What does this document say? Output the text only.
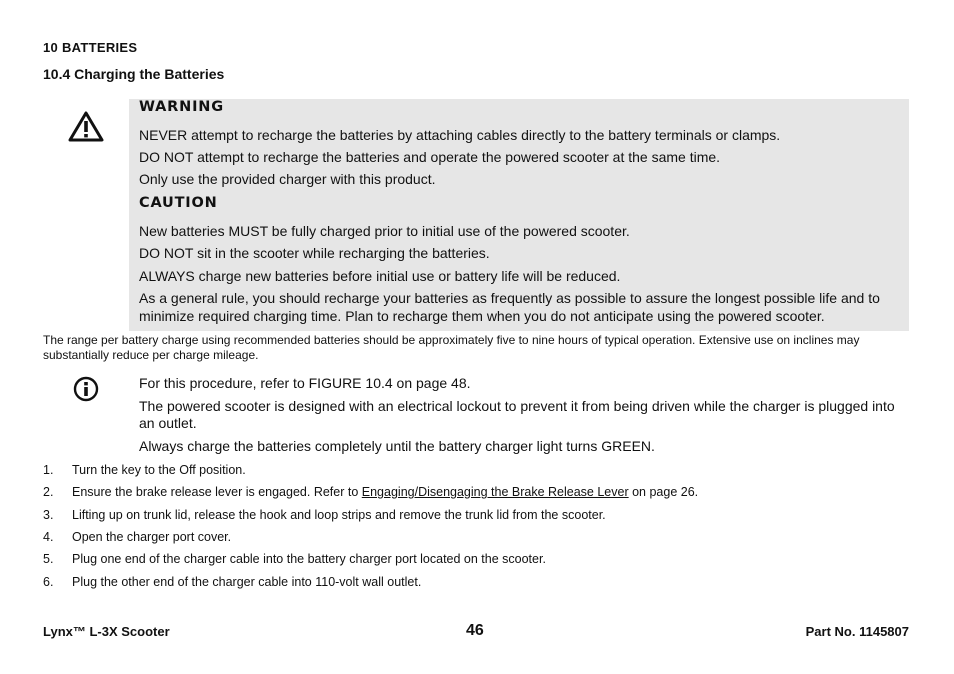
10 BATTERIES
10.4 Charging the Batteries
WARNING
NEVER attempt to recharge the batteries by attaching cables directly to the battery terminals or clamps.
DO NOT attempt to recharge the batteries and operate the powered scooter at the same time.
Only use the provided charger with this product.
CAUTION
New batteries MUST be fully charged prior to initial use of the powered scooter.
DO NOT sit in the scooter while recharging the batteries.
ALWAYS charge new batteries before initial use or battery life will be reduced.
As a general rule, you should recharge your batteries as frequently as possible to assure the longest possible life and to minimize required charging time. Plan to recharge them when you do not anticipate using the powered scooter.
The range per battery charge using recommended batteries should be approximately five to nine hours of typical operation. Extensive use on inclines may substantially reduce per charge mileage.
For this procedure, refer to FIGURE 10.4 on page 48.
The powered scooter is designed with an electrical lockout to prevent it from being driven while the charger is plugged into an outlet.
Always charge the batteries completely until the battery charger light turns GREEN.
1. Turn the key to the Off position.
2. Ensure the brake release lever is engaged. Refer to Engaging/Disengaging the Brake Release Lever on page 26.
3. Lifting up on trunk lid, release the hook and loop strips and remove the trunk lid from the scooter.
4. Open the charger port cover.
5. Plug one end of the charger cable into the battery charger port located on the scooter.
6. Plug the other end of the charger cable into 110-volt wall outlet.
Lynx™ L-3X Scooter	46	Part No. 1145807
